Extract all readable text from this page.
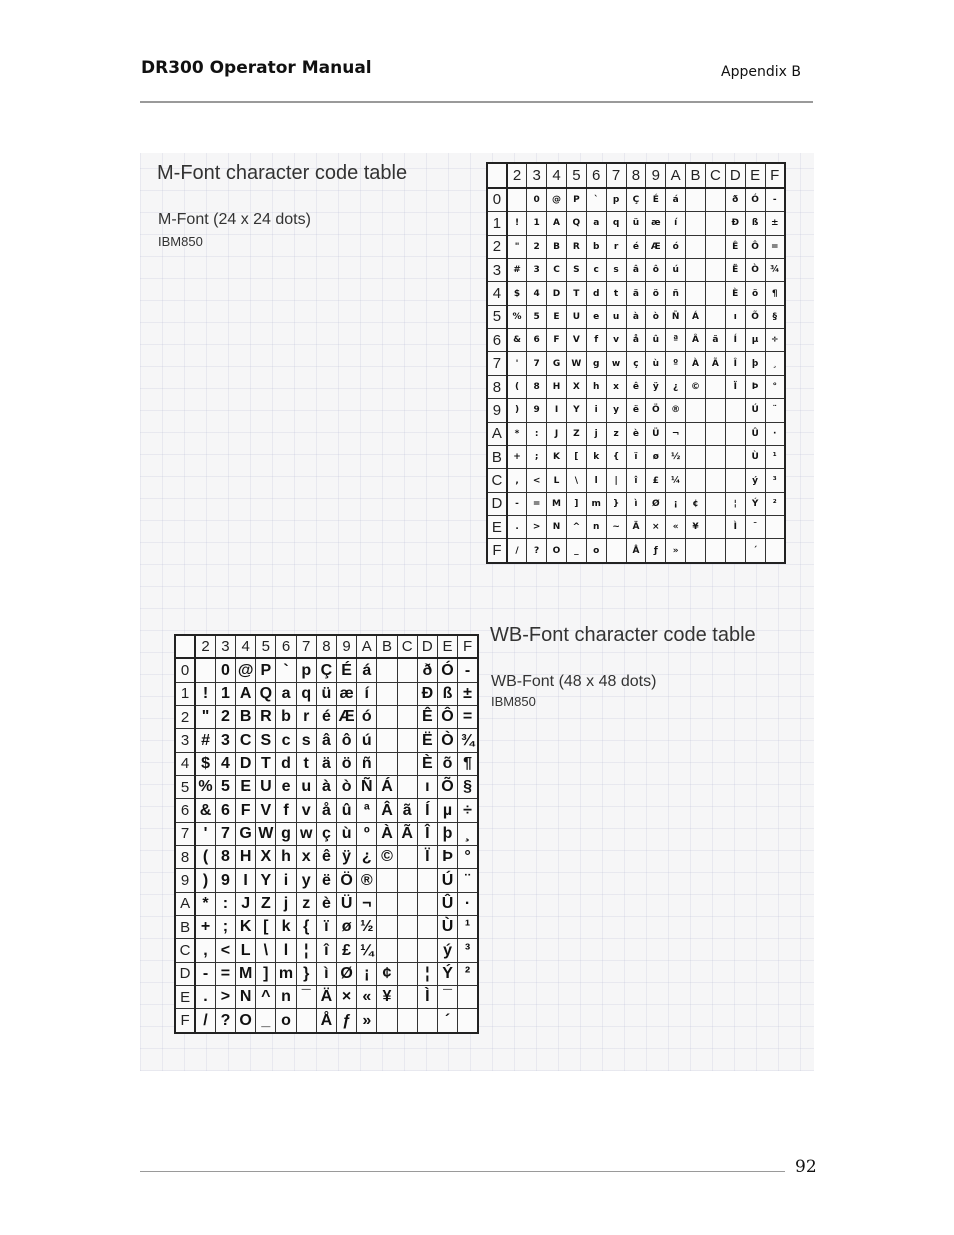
DR300 Operator Manual	Appendix B
M-Font character code table
M-Font (24 x 24 dots)
IBM850
	2	3	4	5	6	7	8	9	A	B	C	D	E	F
0		0	@	P	`	p	Ç	É	á			ð	Ó	-
1	!	1	A	Q	a	q	ü	æ	í			Ð	ß	±
2	"	2	B	R	b	r	é	Æ	ó			Ê	Ô	=
3	#	3	C	S	c	s	â	ô	ú			Ë	Ò	¾
4	$	4	D	T	d	t	ä	ö	ñ			È	õ	¶
5	%	5	E	U	e	u	à	ò	Ñ	Á		ı	Õ	§
6	&	6	F	V	f	v	å	û	ª	Â	ã	Í	µ	÷
7	'	7	G	W	g	w	ç	ù	º	À	Ã	Î	þ	¸
8	(	8	H	X	h	x	ê	ÿ	¿	©		Ï	Þ	°
9	)	9	I	Y	i	y	ë	Ö	®				Ú	¨
A	*	:	J	Z	j	z	è	Ü	¬				Û	·
B	+	;	K	[	k	{	ï	ø	½				Ù	¹
C	,	<	L	\	l	|	î	£	¼				ý	³
D	-	=	M	]	m	}	ì	Ø	¡	¢		¦	Ý	²
E	.	>	N	^	n	~	Ä	×	«	¥		Ì	¯	
F	/	?	O	_	o		Å	ƒ	»				´	
WB-Font character code table
WB-Font (48 x 48 dots)
IBM850
	2	3	4	5	6	7	8	9	A	B	C	D	E	F
0		0	@	P	`	p	Ç	É	á			ð	Ó	-
1	!	1	A	Q	a	q	ü	æ	í			Ð	ß	±
2	"	2	B	R	b	r	é	Æ	ó			Ê	Ô	=
3	#	3	C	S	c	s	â	ô	ú			Ë	Ò	¾
4	$	4	D	T	d	t	ä	ö	ñ			È	õ	¶
5	%	5	E	U	e	u	à	ò	Ñ	Á		ı	Õ	§
6	&	6	F	V	f	v	å	û	ª	Â	ã	Í	µ	÷
7	'	7	G	W	g	w	ç	ù	º	À	Ã	Î	þ	¸
8	(	8	H	X	h	x	ê	ÿ	¿	©		Ï	Þ	°
9	)	9	I	Y	i	y	ë	Ö	®				Ú	¨
A	*	:	J	Z	j	z	è	Ü	¬				Û	·
B	+	;	K	[	k	{	ï	ø	½				Ù	¹
C	,	<	L	\	l	¦	î	£	¼				ý	³
D	-	=	M	]	m	}	ì	Ø	¡	¢		¦	Ý	²
E	.	>	N	^	n	¯	Ä	×	«	¥		Ì	¯	
F	/	?	O	_	o		Å	ƒ	»				´	
92
